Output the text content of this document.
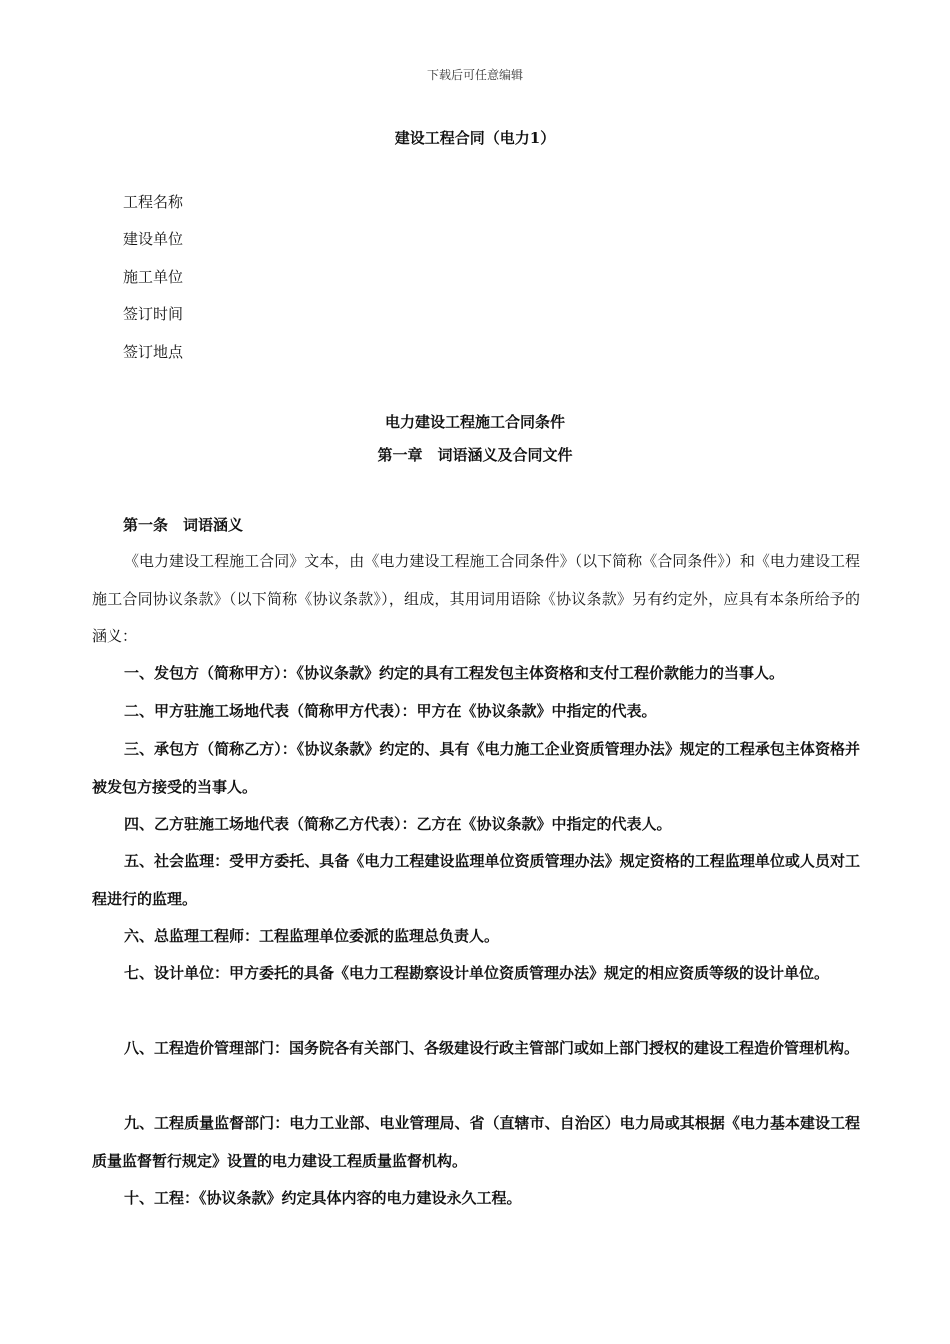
下载后可任意编辑
建设工程合同（电力1）
工程名称
建设单位
施工单位
签订时间
签订地点
电力建设工程施工合同条件
第一章　词语涵义及合同文件
第一条　词语涵义

《电力建设工程施工合同》文本，由《电力建设工程施工合同条件》（以下简称《合同条件》）和《电力建设工程施工合同协议条款》（以下简称《协议条款》），组成，其用词用语除《协议条款》另有约定外，应具有本条所给予的涵义：

一、发包方（简称甲方）：《协议条款》约定的具有工程发包主体资格和支付工程价款能力的当事人。

二、甲方驻施工场地代表（简称甲方代表）：甲方在《协议条款》中指定的代表。

三、承包方（简称乙方）：《协议条款》约定的、具有《电力施工企业资质管理办法》规定的工程承包主体资格并被发包方接受的当事人。

四、乙方驻施工场地代表（简称乙方代表）：乙方在《协议条款》中指定的代表人。

五、社会监理：受甲方委托、具备《电力工程建设监理单位资质管理办法》规定资格的工程监理单位或人员对工程进行的监理。

六、总监理工程师：工程监理单位委派的监理总负责人。

七、设计单位：甲方委托的具备《电力工程勘察设计单位资质管理办法》规定的相应资质等级的设计单位。

八、工程造价管理部门：国务院各有关部门、各级建设行政主管部门或如上部门授权的建设工程造价管理机构。

九、工程质量监督部门：电力工业部、电业管理局、省（直辖市、自治区）电力局或其根据《电力基本建设工程质量监督暂行规定》设置的电力建设工程质量监督机构。

十、工程：《协议条款》约定具体内容的电力建设永久工程。
